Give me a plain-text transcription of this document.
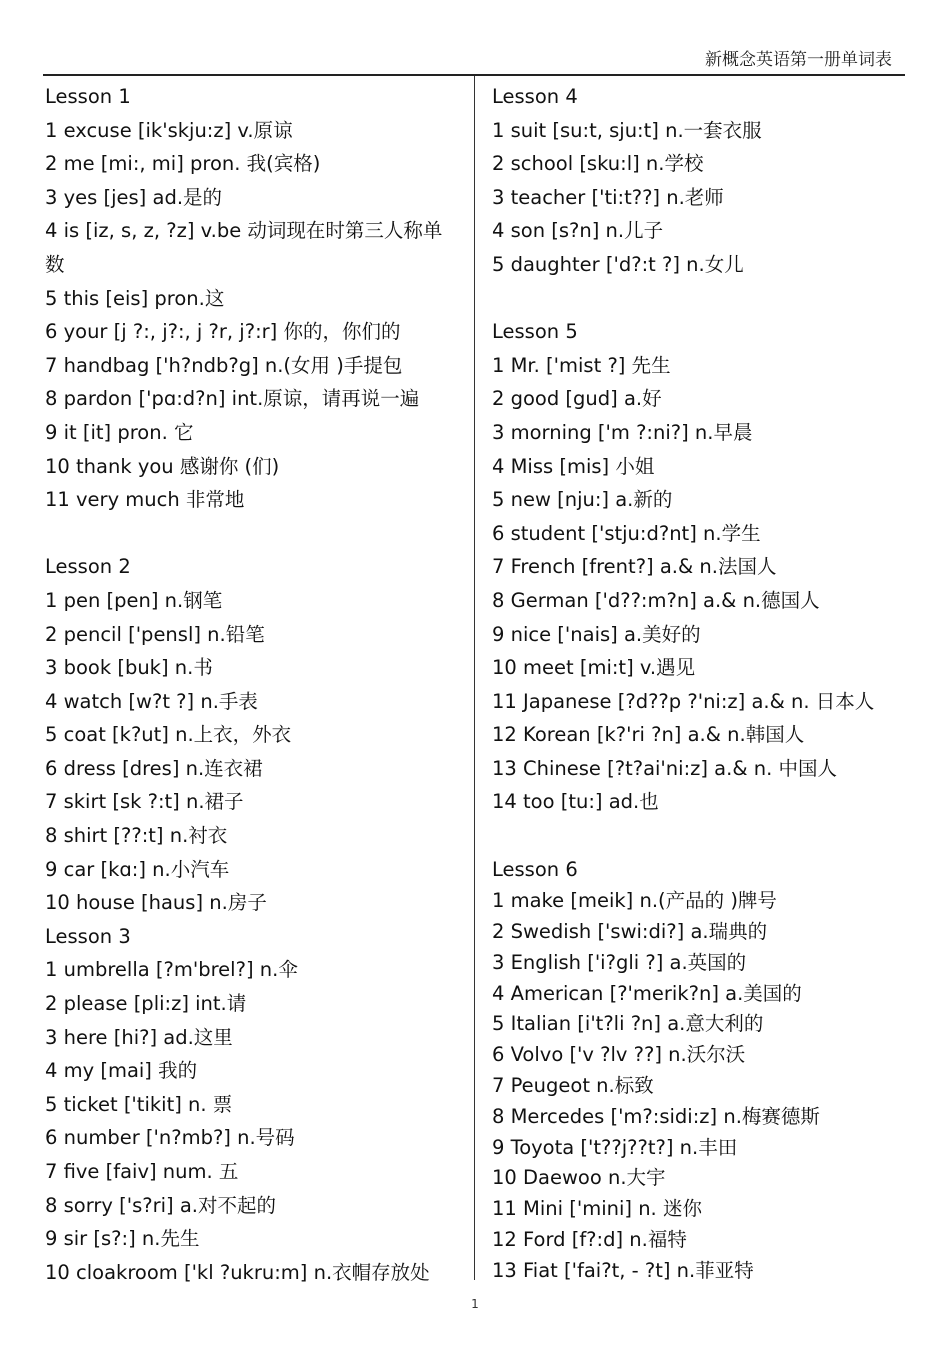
新概念英语第一册单词表
Lesson 1
1 excuse [ik'skju:z] v.原谅
2 me [mi:, mi] pron. 我(宾格)
3 yes [jes] ad.是的
4 is [iz, s, z, ?z] v.be 动词现在时第三人称单数
5 this [eis] pron.这
6 your [j ?:, j?:, j ?r, j?:r] 你的，你们的
7 handbag ['h?ndb?g] n.(女用 )手提包
8 pardon ['pɑ:d?n] int.原谅，请再说一遍
9 it [it] pron. 它
10 thank you 感谢你 (们)
11 very much 非常地
Lesson 2
1 pen [pen] n.钢笔
2 pencil ['pensl] n.铅笔
3 book [buk] n.书
4 watch [w?t ?] n.手表
5 coat [k?ut] n.上衣，外衣
6 dress [dres] n.连衣裙
7 skirt [sk ?:t] n.裙子
8 shirt [??:t] n.衬衣
9 car [kɑ:] n.小汽车
10 house [haus] n.房子
Lesson 3
1 umbrella [?m'brel?] n.伞
2 please [pli:z] int.请
3 here [hi?] ad.这里
4 my [mai] 我的
5 ticket ['tikit] n. 票
6 number ['n?mb?] n.号码
7 five [faiv] num. 五
8 sorry ['s?ri] a.对不起的
9 sir [s?:] n.先生
10 cloakroom ['kl ?ukru:m] n.衣帽存放处
Lesson 4
1 suit [su:t, sju:t] n.一套衣服
2 school [sku:l] n.学校
3 teacher ['ti:t??] n.老师
4 son [s?n] n.儿子
5 daughter ['d?:t ?] n.女儿
Lesson 5
1 Mr. ['mist ?] 先生
2 good [gud] a.好
3 morning ['m ?:ni?] n.早晨
4 Miss [mis] 小姐
5 new [nju:] a.新的
6 student ['stju:d?nt] n.学生
7 French [frent?] a.& n.法国人
8 German ['d??:m?n] a.& n.德国人
9 nice ['nais] a.美好的
10 meet [mi:t] v.遇见
11 Japanese [?d??p ?'ni:z] a.& n. 日本人
12 Korean [k?'ri ?n] a.& n.韩国人
13 Chinese [?t?ai'ni:z] a.& n. 中国人
14 too [tu:] ad.也
Lesson 6
1 make [meik] n.(产品的 )牌号
2 Swedish ['swi:di?] a.瑞典的
3 English ['i?gli ?] a.英国的
4 American [?'merik?n] a.美国的
5 Italian [i't?li ?n] a.意大利的
6 Volvo ['v ?lv ??] n.沃尔沃
7 Peugeot n.标致
8 Mercedes ['m?:sidi:z] n.梅赛德斯
9 Toyota ['t??j??t?] n.丰田
10 Daewoo n.大宇
11 Mini ['mini] n. 迷你
12 Ford [f?:d] n.福特
13 Fiat ['fai?t, - ?t] n.菲亚特
1
